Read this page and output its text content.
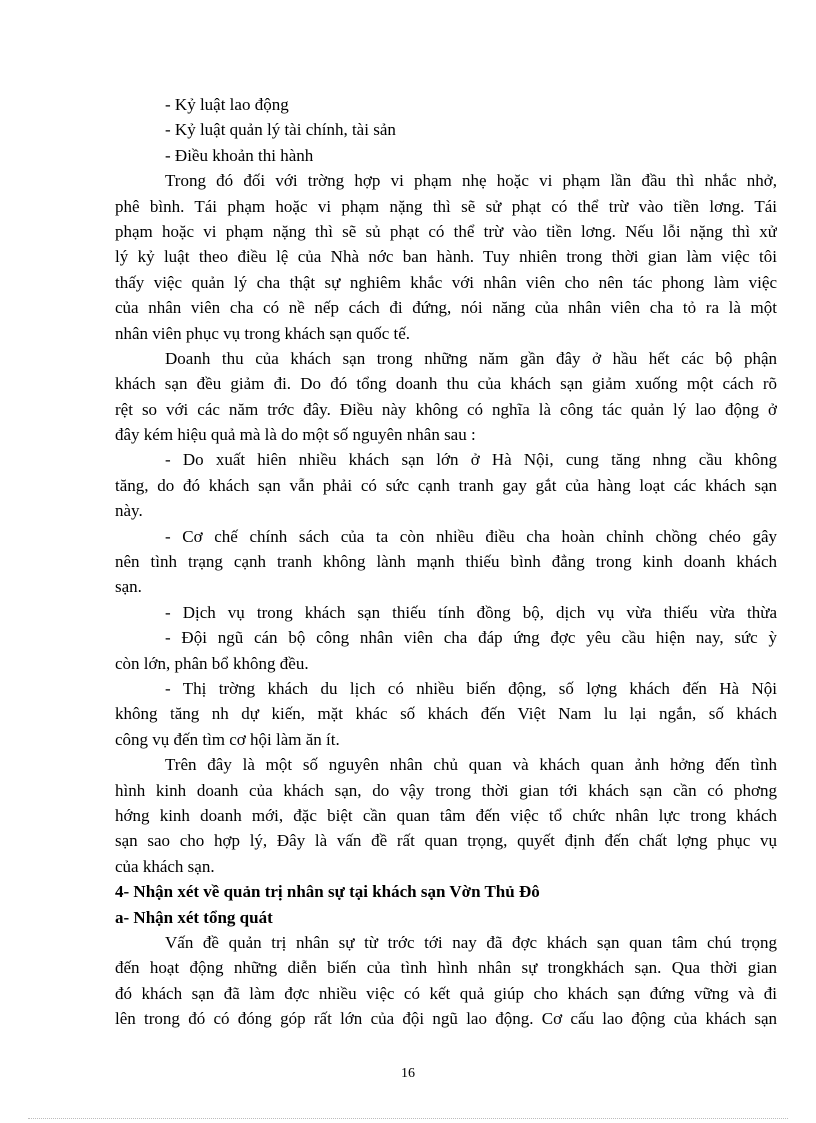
- Kỷ luật lao động
- Kỷ luật quản lý tài chính, tài sản
- Điều khoản thi hành
Trong đó đối với trờng hợp vi phạm nhẹ hoặc vi phạm lần đầu thì nhắc nhở,
phê bình. Tái phạm hoặc vi phạm nặng thì sẽ sử phạt có thể trừ vào tiền lơng. Tái
phạm hoặc vi phạm nặng thì sẽ sủ phạt có thể trừ vào tiền lơng. Nếu lỗi nặng thì xử
lý kỷ luật theo điều lệ của Nhà nớc ban hành. Tuy nhiên trong thời gian làm việc tôi
thấy việc quản lý cha thật sự nghiêm khắc với nhân viên cho nên tác phong làm việc
của nhân viên cha có nề nếp cách đi đứng, nói năng của nhân viên cha tỏ ra là một
nhân viên phục vụ trong khách sạn quốc tế.
Doanh thu của khách sạn trong những năm gần đây ở hầu hết các bộ phận
khách sạn đều giảm đi. Do đó tổng doanh thu của khách sạn giảm xuống một cách rõ
rệt so với các năm trớc đây. Điều này không có nghĩa là công tác quản lý lao động ở
đây kém hiệu quả mà là do một số nguyên nhân sau :
- Do xuất hiên nhiều khách sạn lớn ở Hà Nội, cung tăng nhng cầu không
tăng, do đó khách sạn vẫn phải có sức cạnh tranh gay gắt của hàng loạt các khách sạn
này.
- Cơ chế chính sách của ta còn nhiều điều cha hoàn chỉnh chồng chéo gây
nên tình trạng cạnh tranh không lành mạnh thiếu bình đẳng trong kinh doanh khách
sạn.
- Dịch vụ trong khách sạn thiếu tính đồng bộ, dịch vụ vừa thiếu vừa thừa
- Đội ngũ cán bộ công nhân viên cha đáp ứng đợc yêu cầu hiện nay, sức ỳ
còn lớn, phân bổ không đều.
- Thị trờng khách du lịch có nhiều biến động, số lợng khách đến Hà Nội
không tăng nh dự kiến, mặt khác số khách đến Việt Nam lu lại ngắn, số khách
công vụ đến tìm cơ hội làm ăn ít.
Trên đây là một số nguyên nhân chủ quan và khách quan ảnh hởng đến tình
hình kinh doanh của khách sạn, do vậy trong thời gian tới khách sạn cần có phơng
hớng kinh doanh mới, đặc biệt cần quan tâm đến việc tổ chức nhân lực trong khách
sạn sao cho hợp lý, Đây là vấn đề rất quan trọng, quyết định đến chất lợng phục vụ
của khách sạn.
4- Nhận xét về quản trị nhân sự tại khách sạn Vờn Thủ Đô
a- Nhận xét tổng quát
Vấn đề quản trị nhân sự từ trớc tới nay đã đợc khách sạn quan tâm chú trọng
đến hoạt động những diễn biến của tình hình nhân sự trongkhách sạn. Qua thời gian
đó khách sạn đã làm đợc nhiều việc có kết quả giúp cho khách sạn đứng vững và đi
lên trong đó có đóng góp rất lớn của đội ngũ lao động. Cơ cấu lao động của khách sạn
16
